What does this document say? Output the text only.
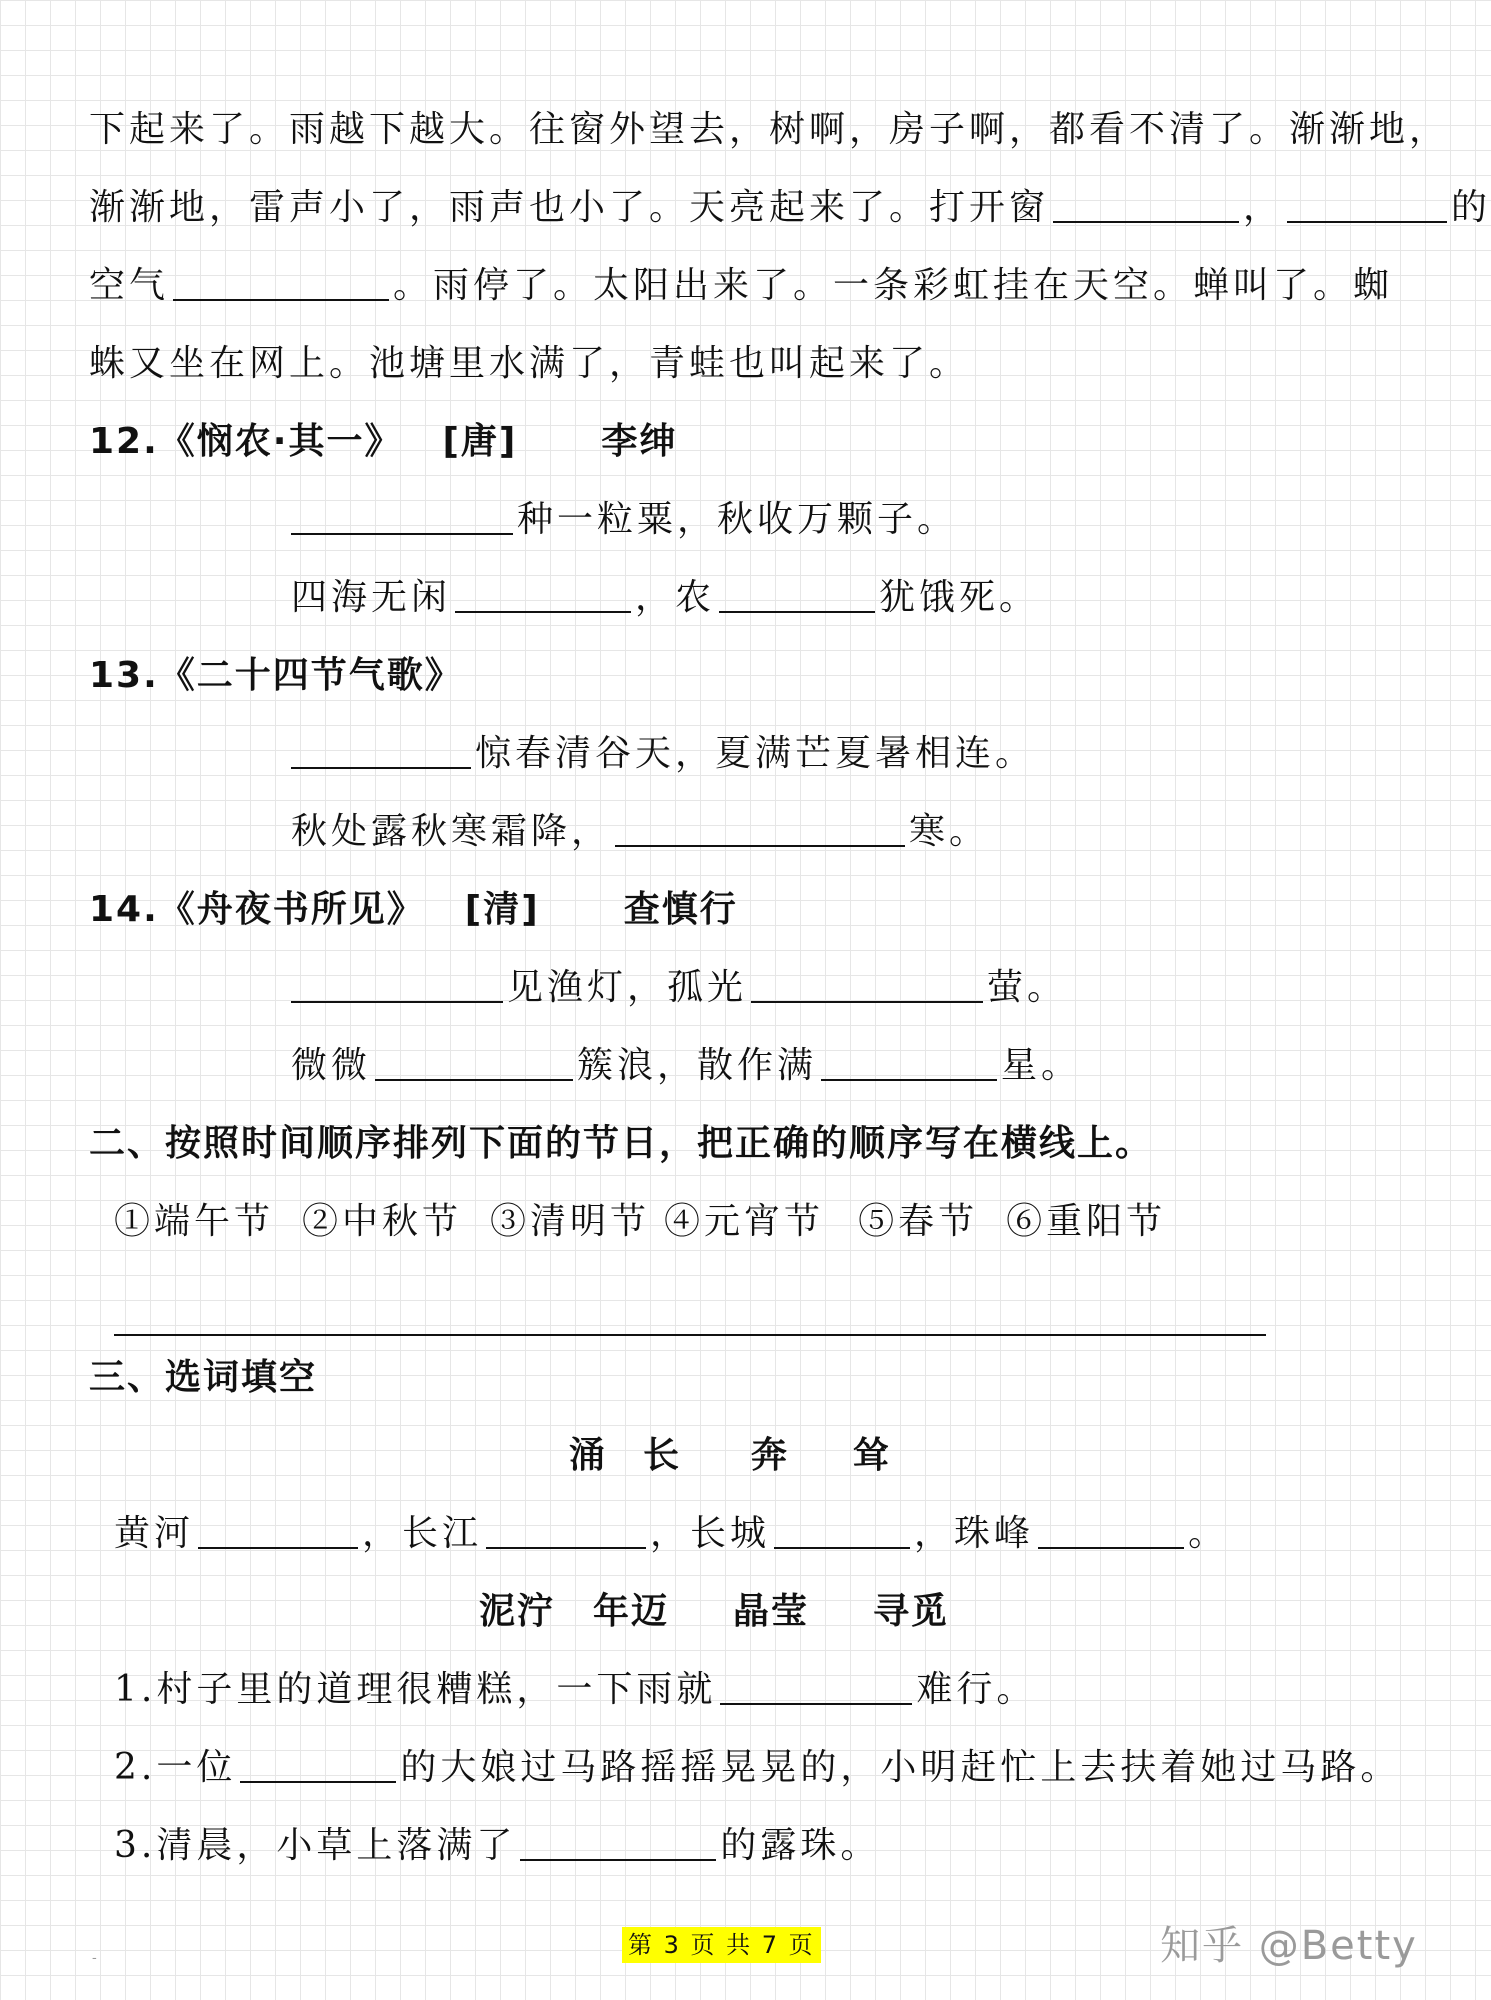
下起来了。雨越下越大。往窗外望去，树啊，房子啊，都看不清了。渐渐地，
渐渐地，雷声小了，雨声也小了。天亮起来了。打开窗	，	的
空气	。雨停了。太阳出来了。一条彩虹挂在天空。蝉叫了。蜘
蛛又坐在网上。池塘里水满了，青蛙也叫起来了。
12.《悯农·其一》 [唐] 李绅
种一粒粟，秋收万颗子。
四海无闲	，农	犹饿死。
13.《二十四节气歌》
惊春清谷天，夏满芒夏暑相连。
秋处露秋寒霜降，	寒。
14.《舟夜书所见》 [清] 查慎行
见渔灯，孤光	萤。
微微	簇浪，散作满	星。
二、按照时间顺序排列下面的节日，把正确的顺序写在横线上。
①端午节 ②中秋节 ③清明节 ④元宵节 ⑤春节 ⑥重阳节
三、选词填空
涌 长 奔 耸
黄河	，长江	，长城	，珠峰	。
泥泞 年迈 晶莹 寻觅
1.村子里的道理很糟糕，一下雨就	难行。
2.一位	的大娘过马路摇摇晃晃的，小明赶忙上去扶着她过马路。
3.清晨，小草上落满了	的露珠。
-	第 3 页 共 7 页	知乎 @Betty
